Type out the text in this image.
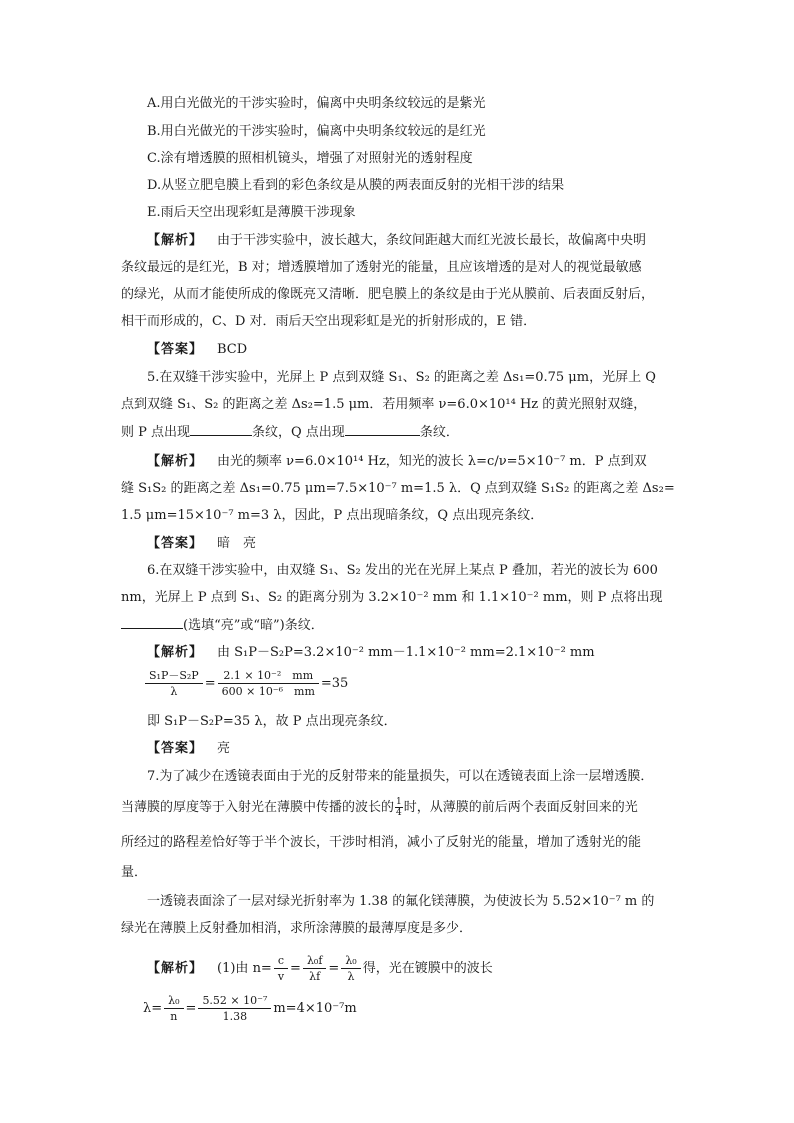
A.用白光做光的干涉实验时，偏离中央明条纹较远的是紫光
B.用白光做光的干涉实验时，偏离中央明条纹较远的是红光
C.涂有增透膜的照相机镜头，增强了对照射光的透射程度
D.从竖立肥皂膜上看到的彩色条纹是从膜的两表面反射的光相干涉的结果
E.雨后天空出现彩虹是薄膜干涉现象
【解析】 由于干涉实验中，波长越大，条纹间距越大而红光波长最长，故偏离中央明
条纹最远的是红光，B 对；增透膜增加了透射光的能量，且应该增透的是对人的视觉最敏感
的绿光，从而才能使所成的像既亮又清晰．肥皂膜上的条纹是由于光从膜前、后表面反射后，
相干而形成的，C、D 对．雨后天空出现彩虹是光的折射形成的，E 错．
【答案】 BCD
5.在双缝干涉实验中，光屏上 P 点到双缝 S₁、S₂ 的距离之差 Δs₁=0.75 μm，光屏上 Q
点到双缝 S₁、S₂ 的距离之差 Δs₂=1.5 μm．若用频率 ν=6.0×10¹⁴ Hz 的黄光照射双缝，
则 P 点出现	条纹，Q 点出现	条纹．
【解析】 由光的频率 ν=6.0×10¹⁴ Hz，知光的波长 λ=c/ν=5×10⁻⁷ m．P 点到双
缝 S₁S₂ 的距离之差 Δs₁=0.75 μm=7.5×10⁻⁷ m=1.5 λ．Q 点到双缝 S₁S₂ 的距离之差 Δs₂=
1.5 μm=15×10⁻⁷ m=3 λ，因此，P 点出现暗条纹，Q 点出现亮条纹．
【答案】 暗　亮
6.在双缝干涉实验中，由双缝 S₁、S₂ 发出的光在光屏上某点 P 叠加，若光的波长为 600
nm，光屏上 P 点到 S₁、S₂ 的距离分别为 3.2×10⁻² mm 和 1.1×10⁻² mm，则 P 点将出现
(选填“亮”或“暗”)条纹．
【解析】 由 S₁P－S₂P=3.2×10⁻² mm－1.1×10⁻² mm=2.1×10⁻² mm
$\frac{\text{S₁P－S₂P}}{\lambda} = \frac{\text{2.1 × 10⁻²　mm}}{\text{600 × 10⁻⁶　mm}} =35$
即 S₁P－S₂P=35 λ，故 P 点出现亮条纹．
【答案】 亮
7.为了减少在透镜表面由于光的反射带来的能量损失，可以在透镜表面上涂一层增透膜．
当薄膜的厚度等于入射光在薄膜中传播的波长的 $\frac{1}{4}$ 时，从薄膜的前后两个表面反射回来的光
所经过的路程差恰好等于半个波长，干涉时相消，减小了反射光的能量，增加了透射光的能
量．
一透镜表面涂了一层对绿光折射率为 1.38 的氟化镁薄膜，为使波长为 5.52×10⁻⁷ m 的
绿光在薄膜上反射叠加相消，求所涂薄膜的最薄厚度是多少．
【解析】 (1)由 $n= \frac{c}{v} = \frac{\text{λ₀f}}{\lambda f} = \frac{\text{λ₀}}{\lambda}$ 得，光在镀膜中的波长
$\lambda= \frac{\text{λ₀}}{n} = \frac{\text{5.52 × 10⁻⁷}}{1.38} m=4\times 10^{-7}m$
